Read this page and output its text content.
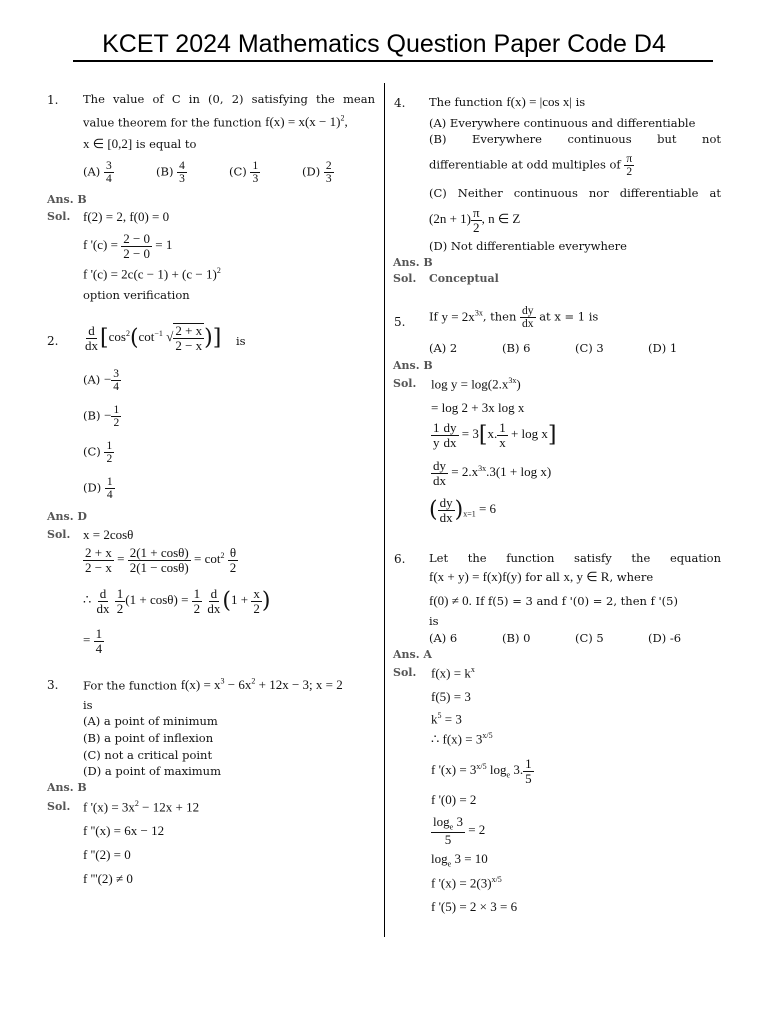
KCET 2024 Mathematics Question Paper Code D4
1. The value of C in (0, 2) satisfying the mean
value theorem for the function $f(x) = x(x - 1)^2$,
x ∈ [0,2] is equal to
$(A) \frac{3}{4}$	$(B) \frac{4}{3}$	$(C) \frac{1}{3}$	$(D) \frac{2}{3}$
Ans. B
Sol. f(2) = 2, f(0) = 0
f '$(c) = \frac{2 - 0}{2 - 0} = 1$
f '$(c) = 2c(c - 1) + (c - 1)^2$
option verification
2. $\frac{d}{dx} [\cos^2(\cot^{-1}$ √ $\frac{2 + x}{2 - x}$ )] is
$(A) - \frac{3}{4}$
$(B) - \frac{1}{2}$
$(C) \frac{1}{2}$
$(D) \frac{1}{4}$
Ans. D
Sol. x = 2cosθ
$\frac{2 + x}{2 - x} = \frac{2(1 + \cos\theta)}{2(1 - \cos\theta)} = \cot^2 \frac{\theta}{2}$
∴ $\frac{d}{dx}$
$\frac{1}{2} (1 + \cos\theta) = \frac{1}{2}$
$\frac{d}{dx} (1 + \frac{x}{2}$ )
= $\frac{1}{4}$
3. For the function $f(x) = x^3 - 6x^2 + 12x - 3$; x = 2
is
(A) a point of minimum
(B) a point of inflexion
(C) not a critical point
(D) a point of maximum
Ans. B
Sol. f '$(x) = 3x^2 - 12x + 12$
f ''(x) = 6x − 12
f ''(2) = 0
f '''(2) ≠ 0
4. The function f(x) = |cos x| is
(A) Everywhere continuous and differentiable
(B) Everywhere continuous but not
differentiable at odd multiples of $\frac{\pi}{2}$
(C) Neither continuous nor differentiable at
$(2n + 1) \frac{\pi}{2}$ , n ∈ Z
(D) Not differentiable everywhere
Ans. B
Sol. Conceptual
5. If $y = 2x^{3x}$, then $\frac{dy}{dx}$ at x = 1 is
(A) 2	(B) 6	(C) 3	(D) 1
Ans. B
Sol. $\log y = \log(2.x^{3x})$
= log 2 + 3x log x
$\frac{1}{y} \frac{dy}{dx} = 3[x$. $\frac{1}{x} + \log x$]
$\frac{dy}{dx} = 2.x^{3x}.3(1 + \log x)$
( $\frac{dy}{dx} )_{x=1} = 6$
6. Let the function satisfy the equation
f(x + y) = f(x)f(y) for all x, y ∈ R, where
f(0) ≠ 0. If f(5) = 3 and f '(0) = 2, then f '(5)
is
(A) 6	(B) 0	(C) 5	(D) -6
Ans. A
Sol. $f(x) = k^x$
f(5) = 3
$k^5 = 3$
∴ $f(x) = 3^{x/5}$
f '$(x) = 3^{x/5}$ $\log_e 3$. $\frac{1}{5}$
f '(0) = 2
$\frac{\log_e 3}{5} = 2$
$\log_e 3 = 10$
f '$(x) = 2(3)^{x/5}$
f '(5) = 2 × 3 = 6
